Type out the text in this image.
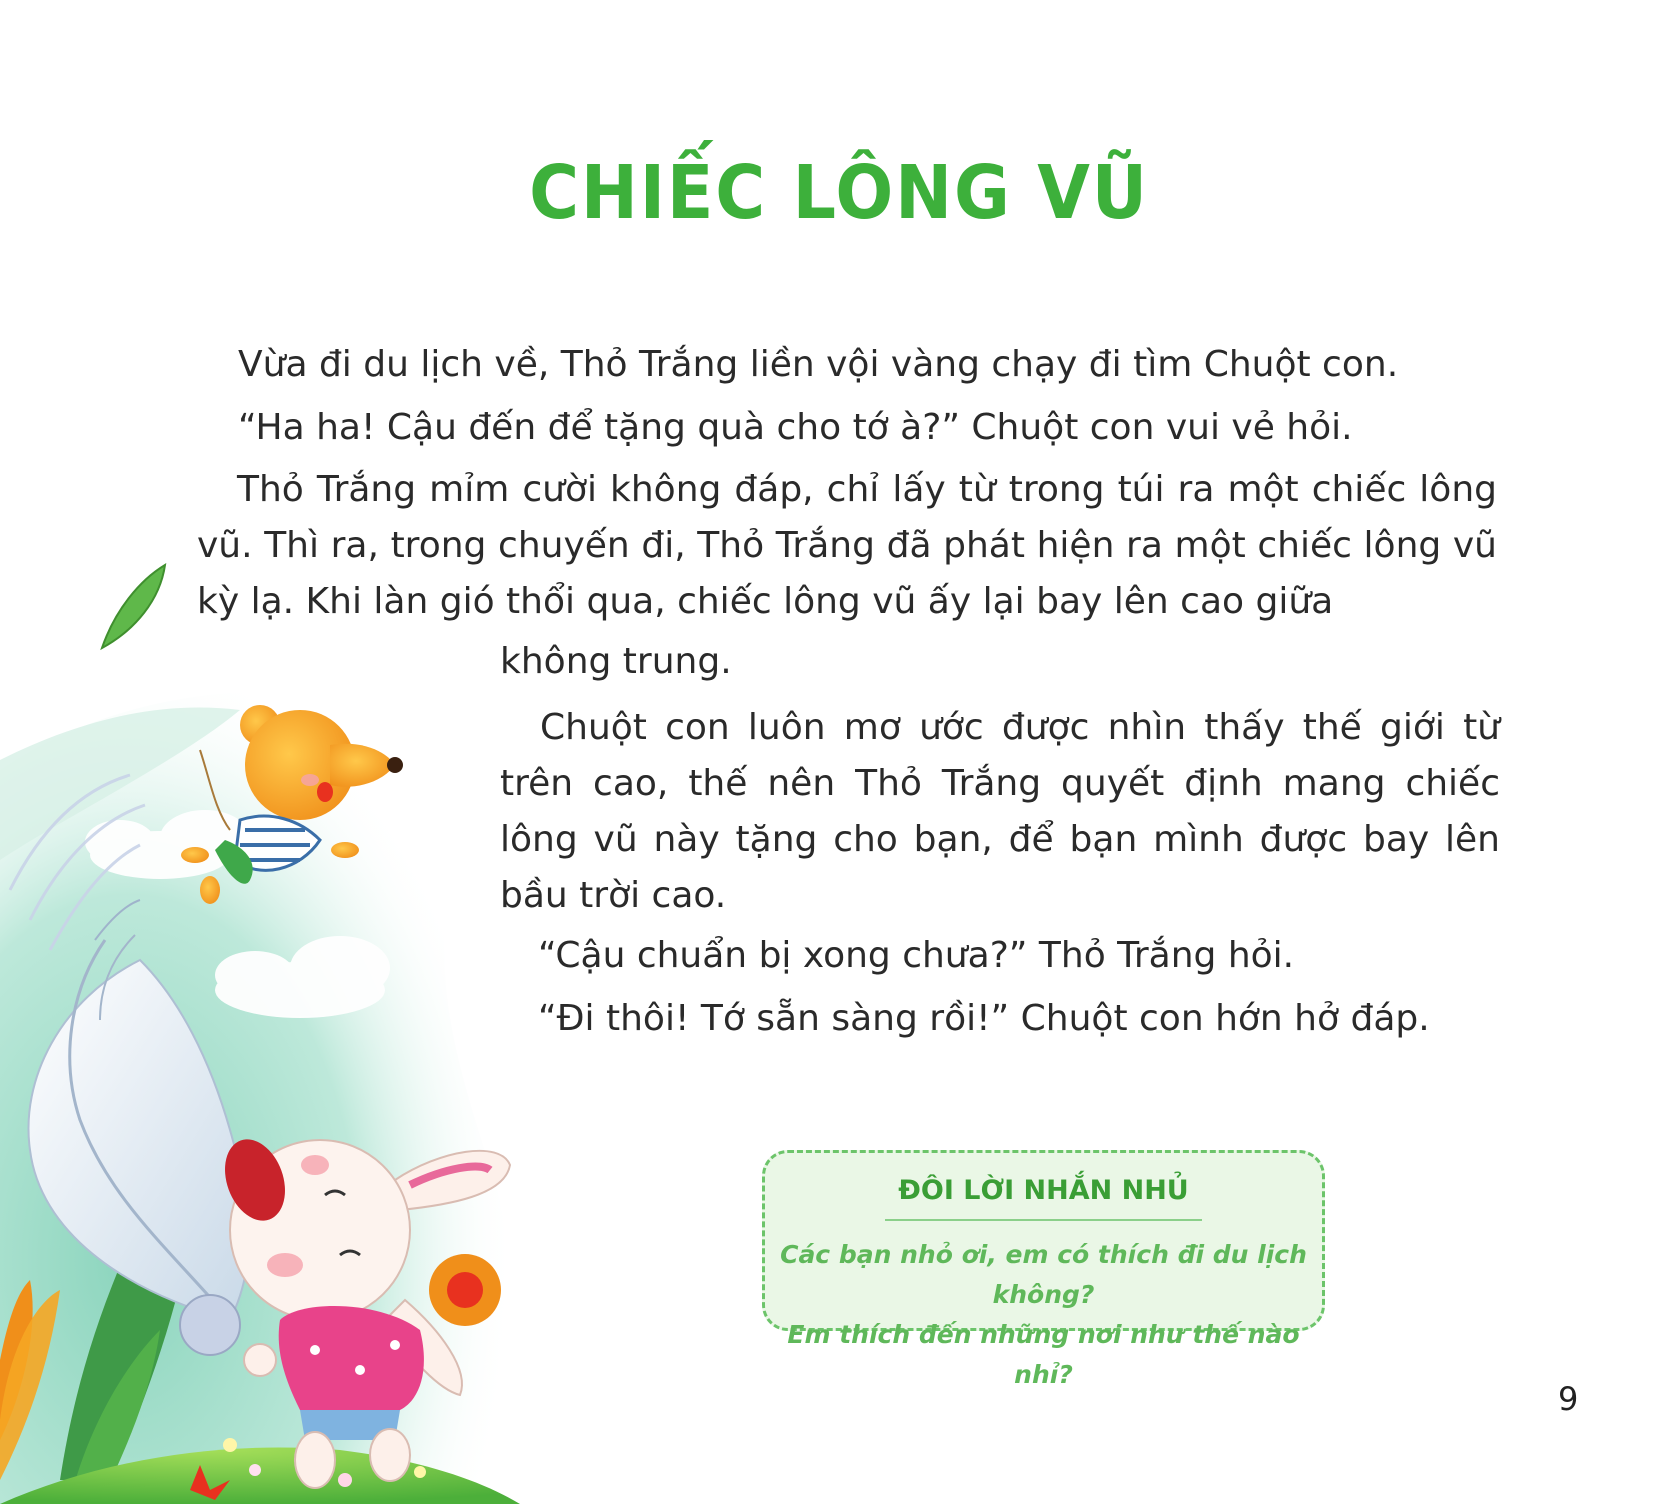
CHIẾC LÔNG VŨ

Vừa đi du lịch về, Thỏ Trắng liền vội vàng chạy đi tìm Chuột con.

“Ha ha! Cậu đến để tặng quà cho tớ à?” Chuột con vui vẻ hỏi.

Thỏ Trắng mỉm cười không đáp, chỉ lấy từ trong túi ra một chiếc lông vũ. Thì ra, trong chuyến đi, Thỏ Trắng đã phát hiện ra một chiếc lông vũ kỳ lạ. Khi làn gió thổi qua, chiếc lông vũ ấy lại bay lên cao giữa

không trung.

Chuột con luôn mơ ước được nhìn thấy thế giới từ trên cao, thế nên Thỏ Trắng quyết định mang chiếc lông vũ này tặng cho bạn, để bạn mình được bay lên bầu trời cao.

“Cậu chuẩn bị xong chưa?” Thỏ Trắng hỏi.

“Đi thôi! Tớ sẵn sàng rồi!” Chuột con hớn hở đáp.

ĐÔI LỜI NHẮN NHỦ
Các bạn nhỏ ơi, em có thích đi du lịch không?
Em thích đến những nơi như thế nào nhỉ?
9
